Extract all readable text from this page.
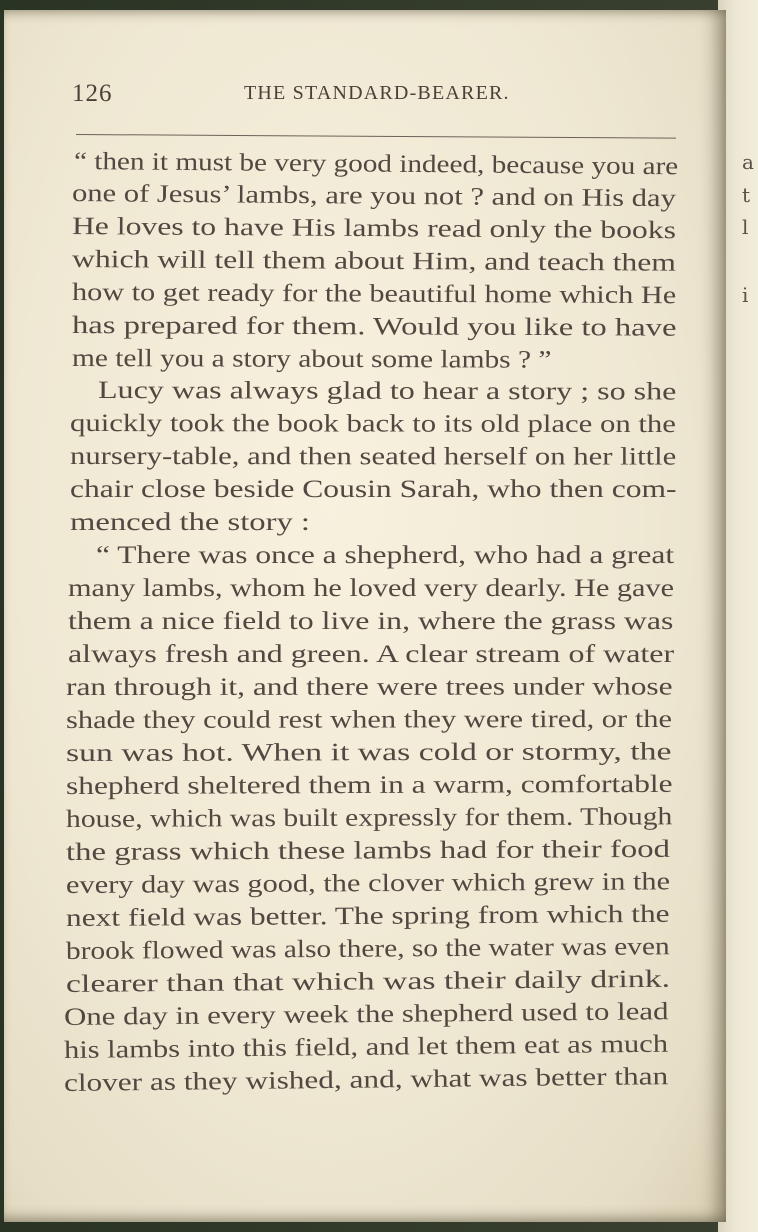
a
t
l
i
126	THE STANDARD-BEARER.
“ then it must be very good indeed, because you are
one of Jesus’ lambs, are you not ? and on His day
He loves to have His lambs read only the books
which will tell them about Him, and teach them
how to get ready for the beautiful home which He
has prepared for them. Would you like to have
me tell you a story about some lambs ? ”
Lucy was always glad to hear a story ; so she
quickly took the book back to its old place on the
nursery-table, and then seated herself on her little
chair close beside Cousin Sarah, who then com-
menced the story :
“ There was once a shepherd, who had a great
many lambs, whom he loved very dearly. He gave
them a nice field to live in, where the grass was
always fresh and green. A clear stream of water
ran through it, and there were trees under whose
shade they could rest when they were tired, or the
sun was hot. When it was cold or stormy, the
shepherd sheltered them in a warm, comfortable
house, which was built expressly for them. Though
the grass which these lambs had for their food
every day was good, the clover which grew in the
next field was better. The spring from which the
brook flowed was also there, so the water was even
clearer than that which was their daily drink.
One day in every week the shepherd used to lead
his lambs into this field, and let them eat as much
clover as they wished, and, what was better than
